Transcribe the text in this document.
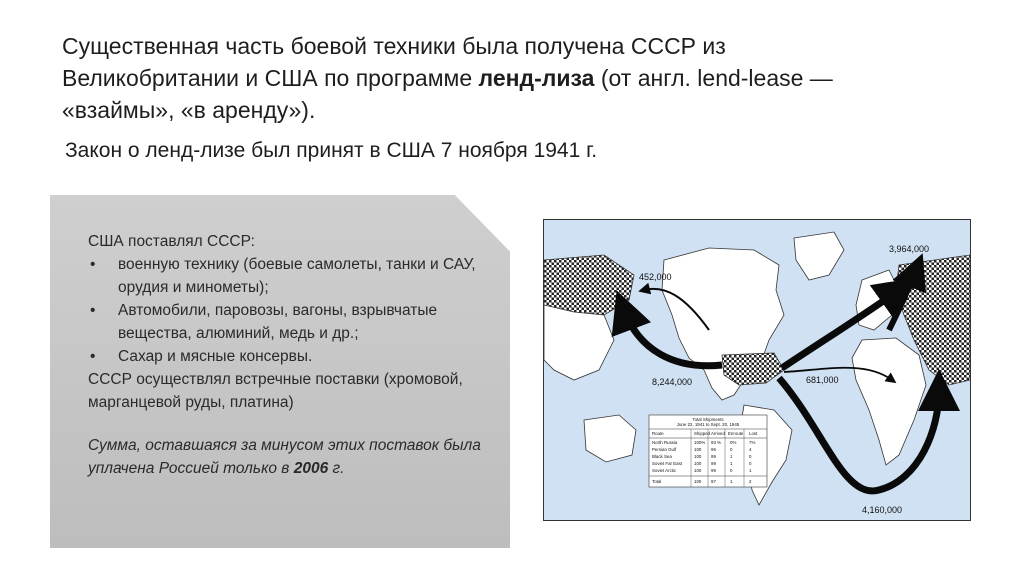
Существенная часть боевой техники была получена СССР из
Великобритании и США по программе ленд-лиза (от англ. lend-lease —
«взаймы», «в аренду»).

Закон о ленд-лизе был принят в США 7 ноября 1941 г.

США поставлял СССР:

• военную технику (боевые самолеты, танки и САУ, орудия и минометы);
• Автомобили, паровозы, вагоны, взрывчатые вещества, алюминий, медь и др.;
• Сахар и мясные консервы.

СССР осуществлял встречные поставки (хромовой, марганцевой руды, платина)

Сумма, оставшаяся за минусом этих поставок была уплачена Россией только в 2006 г.

452,000
3,964,000
8,244,000	681,000
4,160,000
Total Shipments
June 22, 1941 to Sept. 20, 1945
Route	Shipped Arrived Enroute Lost
North Russia	100% 93 % 0%	7%
Persian Gulf	100 96	0	4
Black Sea	100 99	1	0
Soviet Far East	100 99	1	0
Soviet Arctic	100 99	0	1
Total	100 97	1	2
